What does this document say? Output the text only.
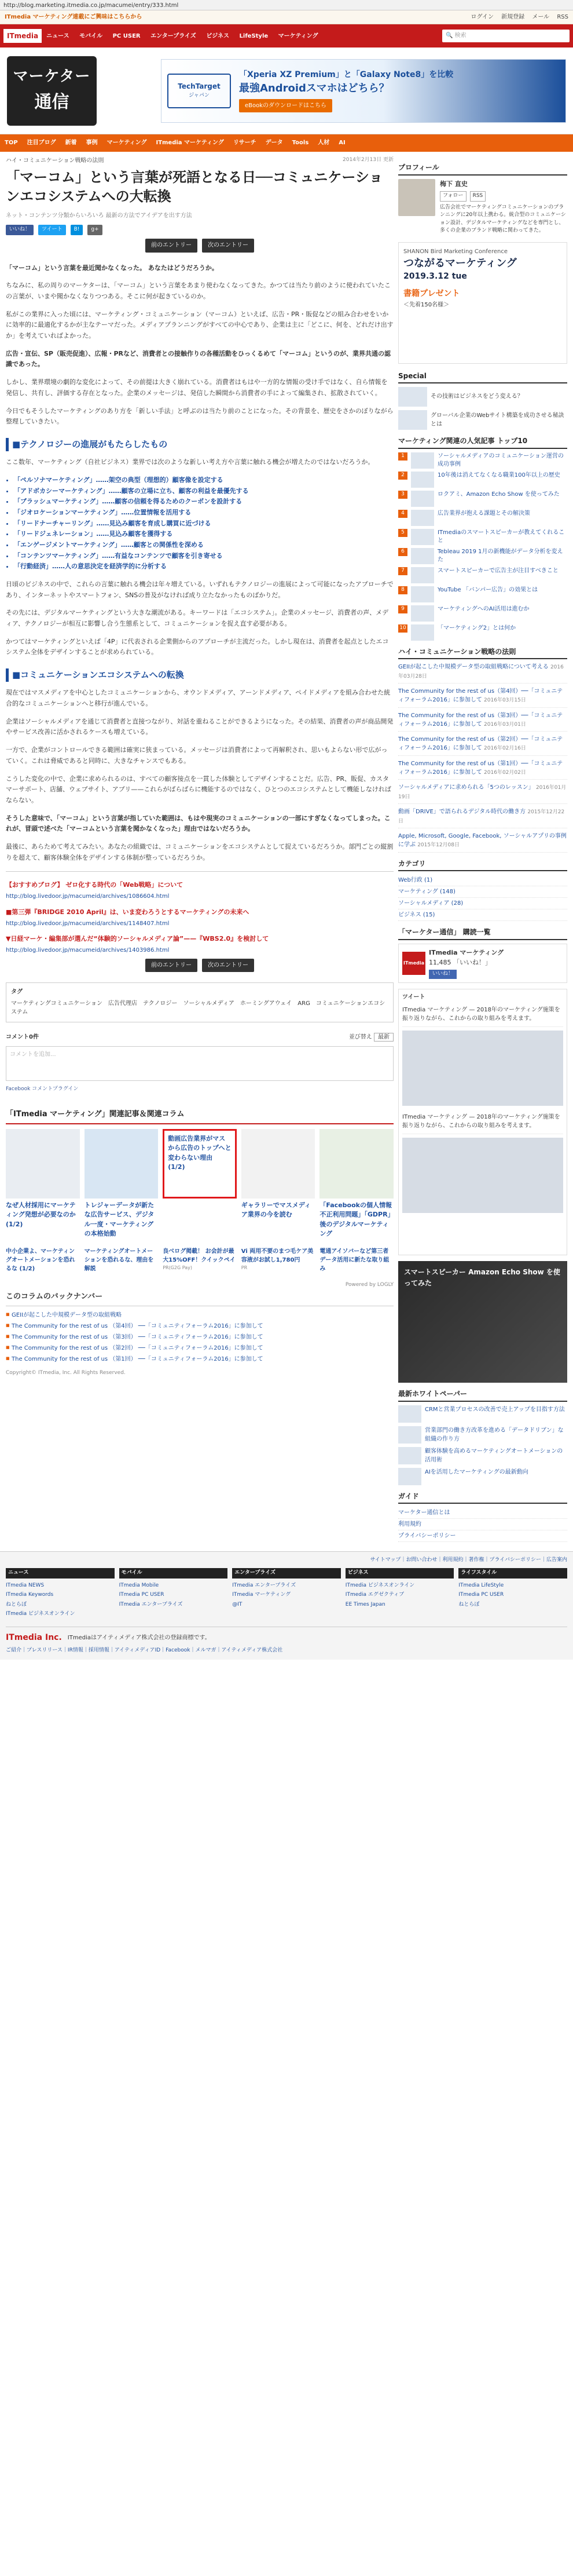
http://blog.marketing.itmedia.co.jp/macumei/entry/333.html
ITmedia マーケティング連載にご興味はこちらから	ログイン 新規登録 メール RSS
ITmedia	ニュース モバイル PC USER エンタープライズ ビジネス LifeStyle マーケティング	🔍 検索
マーケター
通信
TechTarget
ジャパン
「Xperia XZ Premium」と「Galaxy Note8」を比較
最強Androidスマホはどちら？
eBookのダウンロードはこちら
TOP 注目ブログ 新着 事例 マーケティング ITmedia マーケティング リサーチ データ Tools 人材 AI
ハイ・コミュニケーション戦略の法則	2014年2月13日 更新
「マーコム」という言葉が死語となる日──コミュニケーションエコシステムへの大転換
ネット・コンテンツ分類からいろいろ 最新の方法でアイデアを出す方法
いいね！	ツイート	B!	g+
前のエントリー	次のエントリー

「マーコム」という言葉を最近聞かなくなった。 あなたはどうだろうか。

ちなみに、私の周りのマーケターは、「マーコム」という言葉をあまり使わなくなってきた。かつては当たり前のように使われていたこの言葉が、いまや聞かなくなりつつある。そこに何が起きているのか。

私がこの業界に入った頃には、マーケティング・コミュニケーション（マーコム）といえば、広告・PR・販促などの組み合わせをいかに効率的に最適化するかが主なテーマだった。メディアプランニングがすべての中心であり、企業は主に「どこに、何を、どれだけ出すか」を考えていればよかった。

広告・宣伝、SP（販売促進）、広報・PRなど、消費者との接触作りの各種活動をひっくるめて「マーコム」というのが、業界共通の認識であった。

しかし、業界環境の劇的な変化によって、その前提は大きく崩れている。消費者はもはや一方的な情報の受け手ではなく、自ら情報を発信し、共有し、評価する存在となった。企業のメッセージは、発信した瞬間から消費者の手によって編集され、拡散されていく。

今日でもそうしたマーケティングのあり方を「新しい手法」と呼ぶのは当たり前のことになった。その背景を、歴史をさかのぼりながら整理していきたい。

■テクノロジーの進展がもたらしたもの

ここ数年、マーケティング（自社ビジネス）業界では次のような新しい考え方や言葉に触れる機会が増えたのではないだろうか。

• 「ペルソナマーケティング」……架空の典型（理想的）顧客像を設定する
• 「アドボカシーマーケティング」……顧客の立場に立ち、顧客の利益を最優先する
• 「ブラッシュマーケティング」……顧客の信頼を得るためのクーポンを設計する
• 「ジオロケーションマーケティング」……位置情報を活用する
• 「リードナーチャーリング」……見込み顧客を育成し購買に近づける
• 「リードジェネレーション」……見込み顧客を獲得する
• 「エンゲージメントマーケティング」……顧客との関係性を深める
• 「コンテンツマーケティング」……有益なコンテンツで顧客を引き寄せる
• 「行動経済」……人の意思決定を経済学的に分析する

日頃のビジネスの中で、これらの言葉に触れる機会は年々増えている。いずれもテクノロジーの進展によって可能になったアプローチであり、インターネットやスマートフォン、SNSの普及がなければ成り立たなかったものばかりだ。

その先には、デジタルマーケティングという大きな潮流がある。キーワードは「エコシステム」。企業のメッセージ、消費者の声、メディア、テクノロジーが相互に影響し合う生態系として、コミュニケーションを捉え直す必要がある。

かつてはマーケティングといえば「4P」に代表される企業側からのアプローチが主流だった。しかし現在は、消費者を起点としたエコシステム全体をデザインすることが求められている。

■コミュニケーションエコシステムへの転換

現在ではマスメディアを中心としたコミュニケーションから、オウンドメディア、アーンドメディア、ペイドメディアを組み合わせた統合的なコミュニケーションへと移行が進んでいる。

企業はソーシャルメディアを通じて消費者と直接つながり、対話を重ねることができるようになった。その結果、消費者の声が商品開発やサービス改善に活かされるケースも増えている。

一方で、企業がコントロールできる範囲は確実に狭まっている。メッセージは消費者によって再解釈され、思いもよらない形で広がっていく。これは脅威であると同時に、大きなチャンスでもある。

こうした変化の中で、企業に求められるのは、すべての顧客接点を一貫した体験としてデザインすることだ。広告、PR、販促、カスタマーサポート、店舗、ウェブサイト、アプリ——これらがばらばらに機能するのではなく、ひとつのエコシステムとして機能しなければならない。

そうした意味で、「マーコム」という言葉が指していた範囲は、もはや現実のコミュニケーションの一部にすぎなくなってしまった。これが、冒頭で述べた「マーコムという言葉を聞かなくなった」理由ではないだろうか。

最後に、あらためて考えてみたい。あなたの組織では、コミュニケーションをエコシステムとして捉えているだろうか。部門ごとの縦割りを超えて、顧客体験全体をデザインする体制が整っているだろうか。

【おすすめブログ】 ゼロ化する時代の「Web戦略」について
http://blog.livedoor.jp/macumeid/archives/1086604.html
■第三弾『BRIDGE 2010 April』は、いま変わろうとするマーケティングの未来へ
http://blog.livedoor.jp/macumeid/archives/1148407.html
▼日経マーケ・編集部が選んだ“体験的ソーシャルメディア論”——『WBS2.0』を検討して
http://blog.livedoor.jp/macumeid/archives/1403986.html
前のエントリー	次のエントリー
タグ
マーケティングコミュニケーション　広告代理店　テクノロジー　ソーシャルメディア　ホーミングアウェイ　ARG　コミュニケーションエコシステム
コメント0件	並び替え 最新
コメントを追加...
Facebook コメントプラグイン
「ITmedia マーケティング」関連記事＆関連コラム
なぜ人材採用にマーケティング発想が必要なのか (1/2)
トレジャーデータが新たな広告サービス、デジタル一度・マーケティングの本格始動
動画広告業界がマスから広告のトップへと変わらない理由 (1/2)
ギャラリーでマスメディア業界の今を読む
「Facebookの個人情報不正利用問題」「GDPR」後のデジタルマーケティング
中小企業よ、マーケティングオートメーションを恐れるな (1/2)
マーケティングオートメーションを恐れるな、理由を解説
良べログ掲載！ お会計が最大15%OFF！クイックペイ
PR(G2G Pay)
Vi 両用不要のまつ毛ケア美容液がお試し1,780円
PR
電通アイソバーなど第三者データ活用に新たな取り組み
Powered by LOGLY
このコラムのバックナンバー
■ GEIIが起こした中規模データ型の取組戦略
■ The Community for the rest of us （第4回） ──「コミュニティフォーラム2016」に参加して
■ The Community for the rest of us （第3回） ──「コミュニティフォーラム2016」に参加して
■ The Community for the rest of us （第2回） ──「コミュニティフォーラム2016」に参加して
■ The Community for the rest of us （第1回） ──「コミュニティフォーラム2016」に参加して
Copyright© ITmedia, Inc. All Rights Reserved.
プロフィール
梅下 直史
フォロー	RSS
広告会社でマーケティングコミュニケーションのプランニングに20年以上携わる。統合型のコミュニケーション設計、デジタルマーケティングなどを専門とし、多くの企業のブランド戦略に関わってきた。
SHANON Bird Marketing Conference
つながるマーケティング
2019.3.12 tue
書籍プレゼント
＜先着150名様＞
Special
その技術はビジネスをどう変える？
グローバル企業のWebサイト構築を成功させる秘訣とは
マーケティング関連の人気記事 トップ10
1	ソーシャルメディアのコミュニケーション運営の成功事例
2	10年後は消えてなくなる職業100年以上の歴史
3	ロクアミ、Amazon Echo Show を使ってみた
4	広告業界が抱える課題とその解決策
5	ITmediaのスマートスピーカーが教えてくれること
6	Tebleau 2019 1月の新機能がデータ分析を変えた
7	スマートスピーカーで広告主が注目すべきこと
8	YouTube 「バンパー広告」の効果とは
9	マーケティングへのAI活用は進むか
10	「マーケティング2」とは何か
ハイ・コミュニケーション戦略の法則
GEIIが起こした中規模データ型の取組戦略について考える 2016年03月28日
The Community for the rest of us（第4回）──「コミュニティフォーラム2016」に参加して 2016年03月15日
The Community for the rest of us（第3回）──「コミュニティフォーラム2016」に参加して 2016年03月01日
The Community for the rest of us（第2回）──「コミュニティフォーラム2016」に参加して 2016年02月16日
The Community for the rest of us（第1回）──「コミュニティフォーラム2016」に参加して 2016年02月02日
ソーシャルメディアに求められる「5つのレッスン」 2016年01月19日
動画「DRIVE」で語られるデジタル時代の働き方 2015年12月22日
Apple, Microsoft, Google, Facebook, ソーシャルアプリの事例に学ぶ 2015年12月08日
カテゴリ
Web行政 (1)
マーケティング (148)
ソーシャルメディア (28)
ビジネス (15)
「マーケター通信」 購読一覧
ITmedia
ITmedia マーケティング
11,485 「いいね！」
いいね！
ツイート
ITmedia マーケティング — 2018年のマーケティング施策を振り返りながら、これからの取り組みを考えます。
ITmedia マーケティング — 2018年のマーケティング施策を振り返りながら、これからの取り組みを考えます。
スマートスピーカー Amazon Echo Show を使ってみた
最新ホワイトペーパー
CRMと営業プロセスの改善で売上アップを目指す方法
営業部門の働き方改革を進める「データドリブン」な組織の作り方
顧客体験を高めるマーケティングオートメーションの活用術
AIを活用したマーケティングの最新動向
ガイド
マーケター通信とは
利用規約
プライバシーポリシー
サイトマップ｜お問い合わせ｜利用規約｜著作権｜プライバシーポリシー｜広告案内
ニュース
ITmedia NEWS
ITmedia Keywords
ねとらぼ
ITmedia ビジネスオンライン
モバイル
ITmedia Mobile
ITmedia PC USER
ITmedia エンタープライズ
エンタープライズ
ITmedia エンタープライズ
ITmedia マーケティング
@IT
ビジネス
ITmedia ビジネスオンライン
ITmedia エグゼクティブ
EE Times Japan
ライフスタイル
ITmedia LifeStyle
ITmedia PC USER
ねとらぼ
ITmedia Inc. ITmediaはアイティメディア株式会社の登録商標です。
ご紹介｜プレスリリース｜IR情報｜採用情報｜アイティメディアID｜Facebook｜メルマガ｜アイティメディア株式会社
